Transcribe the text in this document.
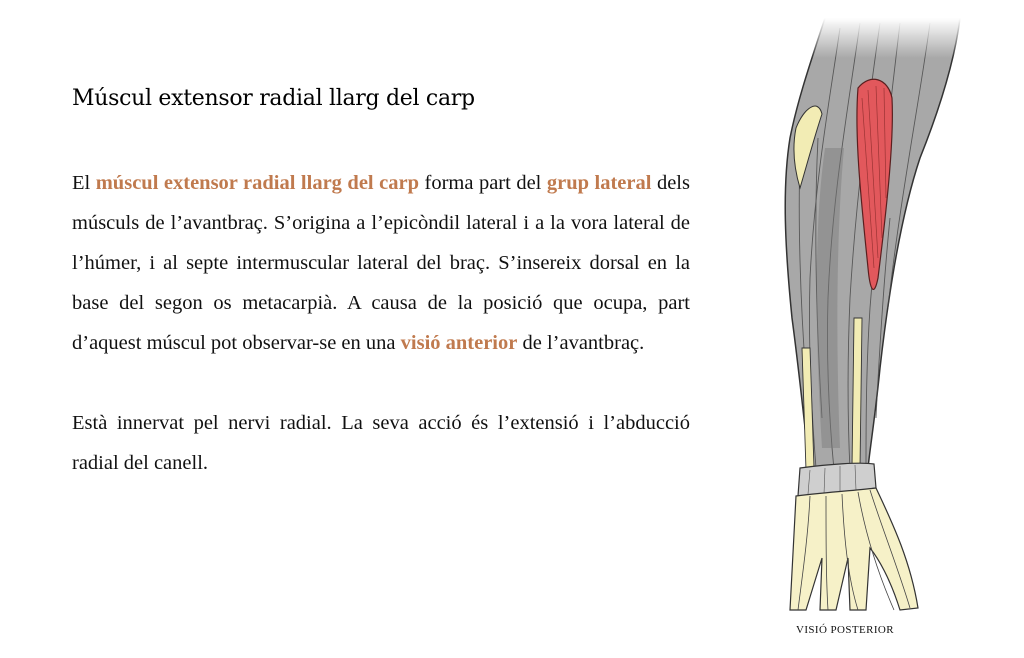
Múscul extensor radial llarg del carp

El múscul extensor radial llarg del carp forma part del grup lateral dels músculs de l’avantbraç. S’origina a l’epicòndil lateral i a la vora lateral de l’húmer, i al septe intermuscular lateral del braç. S’insereix dorsal en la base del segon os metacarpià. A causa de la posició que ocupa, part d’aquest múscul pot observar-se en una visió anterior de l’avantbraç.

Està innervat pel nervi radial. La seva acció és l’extensió i l’abducció radial del canell.

VISIÓ POSTERIOR
